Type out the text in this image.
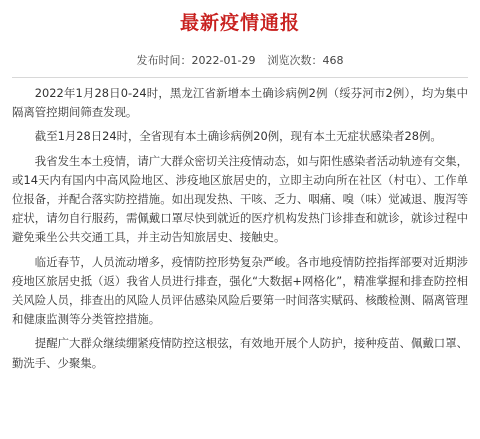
最新疫情通报
发布时间：2022-01-29 浏览次数：468

2022年1月28日0-24时，黑龙江省新增本土确诊病例2例（绥芬河市2例），均为集中隔离管控期间筛查发现。

截至1月28日24时，全省现有本土确诊病例20例，现有本土无症状感染者28例。

我省发生本土疫情，请广大群众密切关注疫情动态，如与阳性感染者活动轨迹有交集，或14天内有国内中高风险地区、涉疫地区旅居史的，立即主动向所在社区（村屯）、工作单位报备，并配合落实防控措施。如出现发热、干咳、乏力、咽痛、嗅（味）觉减退、腹泻等症状，请勿自行服药，需佩戴口罩尽快到就近的医疗机构发热门诊排查和就诊，就诊过程中避免乘坐公共交通工具，并主动告知旅居史、接触史。

临近春节，人员流动增多，疫情防控形势复杂严峻。各市地疫情防控指挥部要对近期涉疫地区旅居史抵（返）我省人员进行排查，强化“大数据+网格化”，精准掌握和排查防控相关风险人员，排查出的风险人员评估感染风险后要第一时间落实赋码、核酸检测、隔离管理和健康监测等分类管控措施。

提醒广大群众继续绷紧疫情防控这根弦，有效地开展个人防护，接种疫苗、佩戴口罩、勤洗手、少聚集。
